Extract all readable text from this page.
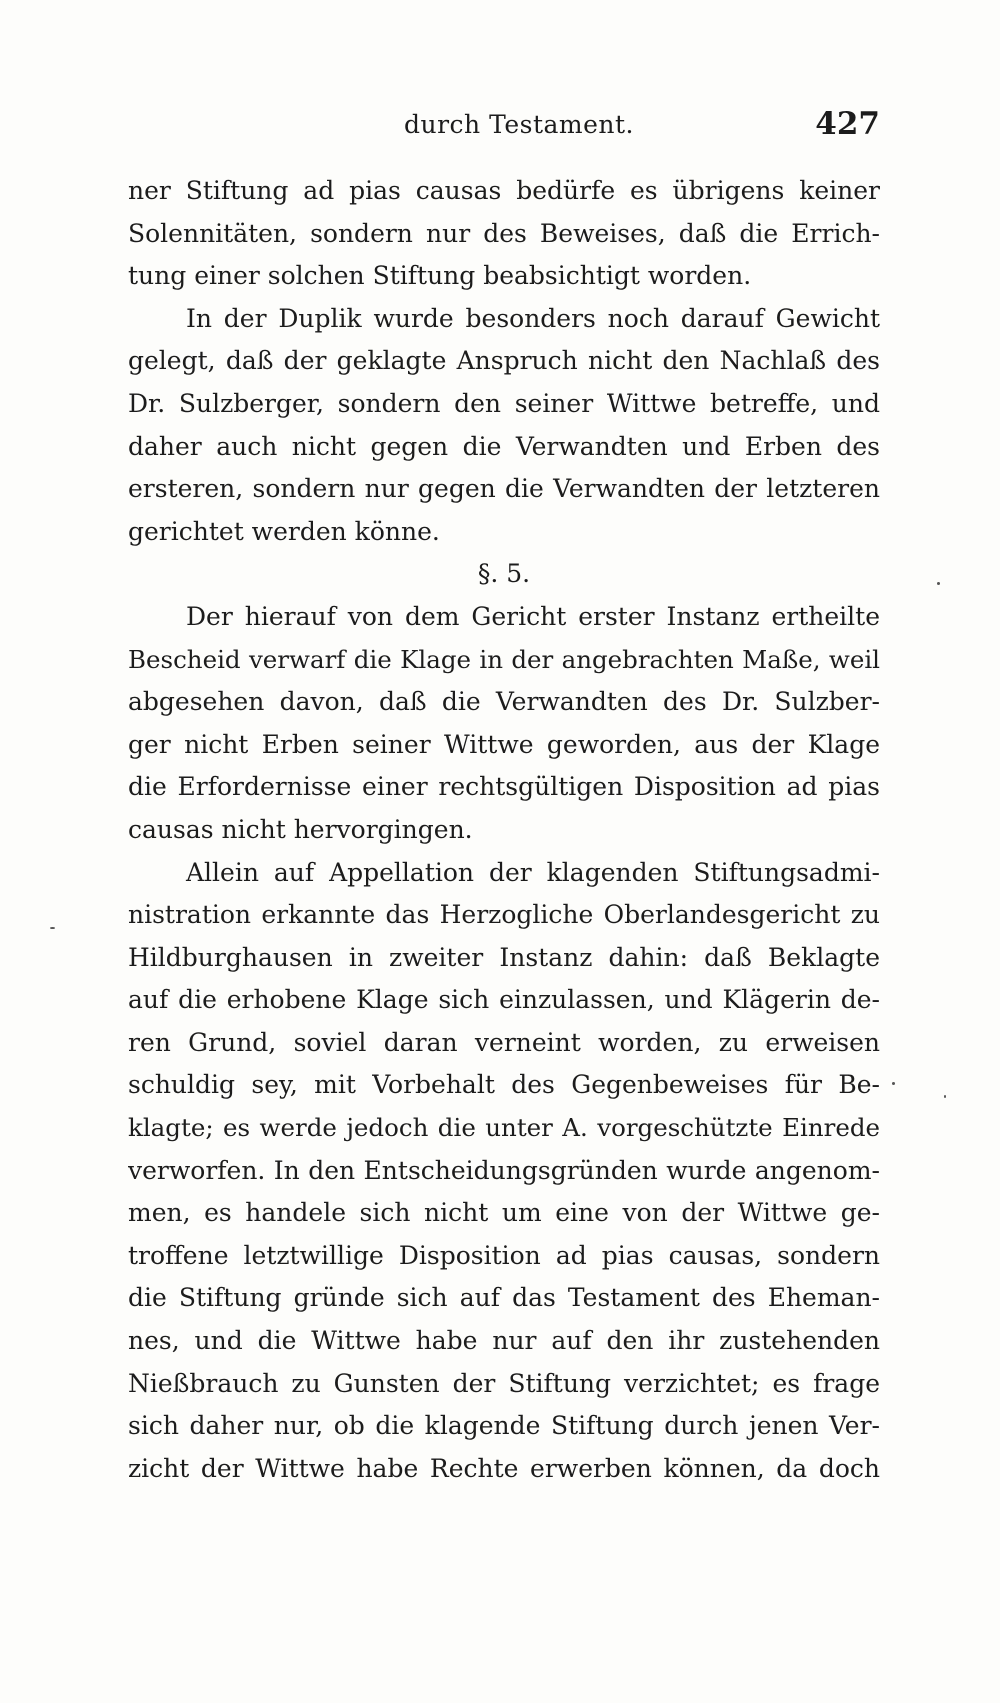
durch Testament.	427
ner Stiftung ad pias causas bedürfe es übrigens keiner
Solennitäten, sondern nur des Beweises, daß die Errich-
tung einer solchen Stiftung beabsichtigt worden.
In der Duplik wurde besonders noch darauf Gewicht
gelegt, daß der geklagte Anspruch nicht den Nachlaß des
Dr. Sulzberger, sondern den seiner Wittwe betreffe, und
daher auch nicht gegen die Verwandten und Erben des
ersteren, sondern nur gegen die Verwandten der letzteren
gerichtet werden könne.
§. 5.
Der hierauf von dem Gericht erster Instanz ertheilte
Bescheid verwarf die Klage in der angebrachten Maße, weil
abgesehen davon, daß die Verwandten des Dr. Sulzber-
ger nicht Erben seiner Wittwe geworden, aus der Klage
die Erfordernisse einer rechtsgültigen Disposition ad pias
causas nicht hervorgingen.
Allein auf Appellation der klagenden Stiftungsadmi-
nistration erkannte das Herzogliche Oberlandesgericht zu
Hildburghausen in zweiter Instanz dahin: daß Beklagte
auf die erhobene Klage sich einzulassen, und Klägerin de-
ren Grund, soviel daran verneint worden, zu erweisen
schuldig sey, mit Vorbehalt des Gegenbeweises für Be-
klagte; es werde jedoch die unter A. vorgeschützte Einrede
verworfen. In den Entscheidungsgründen wurde angenom-
men, es handele sich nicht um eine von der Wittwe ge-
troffene letztwillige Disposition ad pias causas, sondern
die Stiftung gründe sich auf das Testament des Eheman-
nes, und die Wittwe habe nur auf den ihr zustehenden
Nießbrauch zu Gunsten der Stiftung verzichtet; es frage
sich daher nur, ob die klagende Stiftung durch jenen Ver-
zicht der Wittwe habe Rechte erwerben können, da doch
